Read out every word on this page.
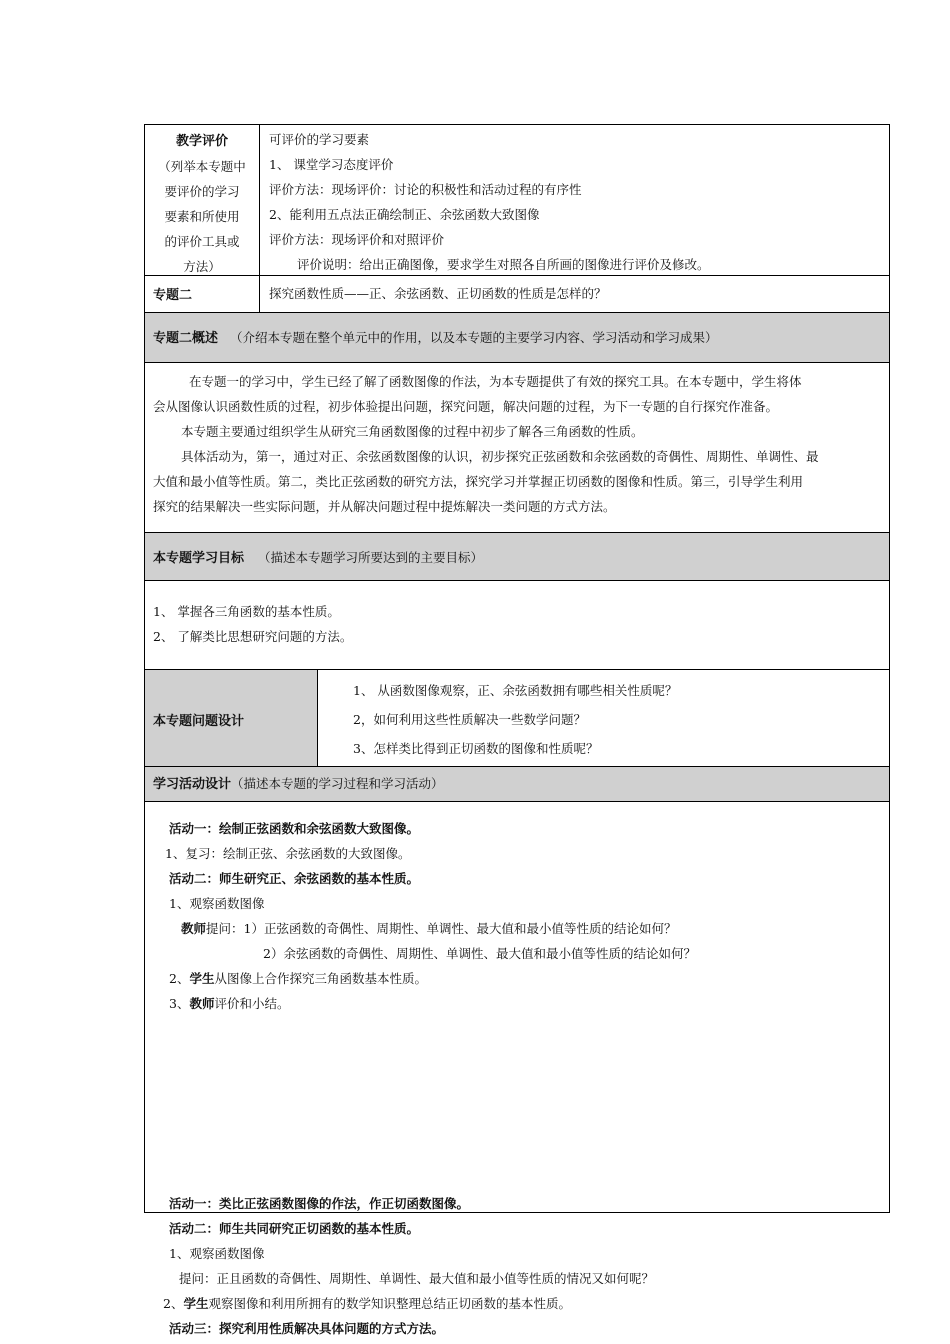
教学评价
（列举本专题中
要评价的学习
要素和所使用
的评价工具或
方法）
可评价的学习要素
1、 课堂学习态度评价
评价方法：现场评价：讨论的积极性和活动过程的有序性
2、能利用五点法正确绘制正、余弦函数大致图像
评价方法：现场评价和对照评价
评价说明：给出正确图像，要求学生对照各自所画的图像进行评价及修改。
专题二	探究函数性质——正、余弦函数、正切函数的性质是怎样的？
专题二概述 （介绍本专题在整个单元中的作用，以及本专题的主要学习内容、学习活动和学习成果）
在专题一的学习中，学生已经了解了函数图像的作法，为本专题提供了有效的探究工具。在本专题中，学生将体
会从图像认识函数性质的过程，初步体验提出问题，探究问题，解决问题的过程，为下一专题的自行探究作准备。
本专题主要通过组织学生从研究三角函数图像的过程中初步了解各三角函数的性质。
具体活动为，第一，通过对正、余弦函数图像的认识，初步探究正弦函数和余弦函数的奇偶性、周期性、单调性、最
大值和最小值等性质。第二，类比正弦函数的研究方法，探究学习并掌握正切函数的图像和性质。第三，引导学生利用
探究的结果解决一些实际问题，并从解决问题过程中提炼解决一类问题的方式方法。
本专题学习目标 （描述本专题学习所要达到的主要目标）
1、 掌握各三角函数的基本性质。
2、 了解类比思想研究问题的方法。
本专题问题设计
1、 从函数图像观察，正、余弦函数拥有哪些相关性质呢？
2，如何利用这些性质解决一些数学问题？
3、怎样类比得到正切函数的图像和性质呢？
学习活动设计（描述本专题的学习过程和学习活动）
活动一：绘制正弦函数和余弦函数大致图像。
1、复习：绘制正弦、余弦函数的大致图像。
活动二：师生研究正、余弦函数的基本性质。
1、观察函数图像
教师提问：1）正弦函数的奇偶性、周期性、单调性、最大值和最小值等性质的结论如何？
2）余弦函数的奇偶性、周期性、单调性、最大值和最小值等性质的结论如何？
2、学生从图像上合作探究三角函数基本性质。
3、教师评价和小结。
活动一：类比正弦函数图像的作法，作正切函数图像。
活动二：师生共同研究正切函数的基本性质。
1、观察函数图像
提问：正且函数的奇偶性、周期性、单调性、最大值和最小值等性质的情况又如何呢？
2、学生观察图像和利用所拥有的数学知识整理总结正切函数的基本性质。
活动三：探究利用性质解决具体问题的方式方法。
